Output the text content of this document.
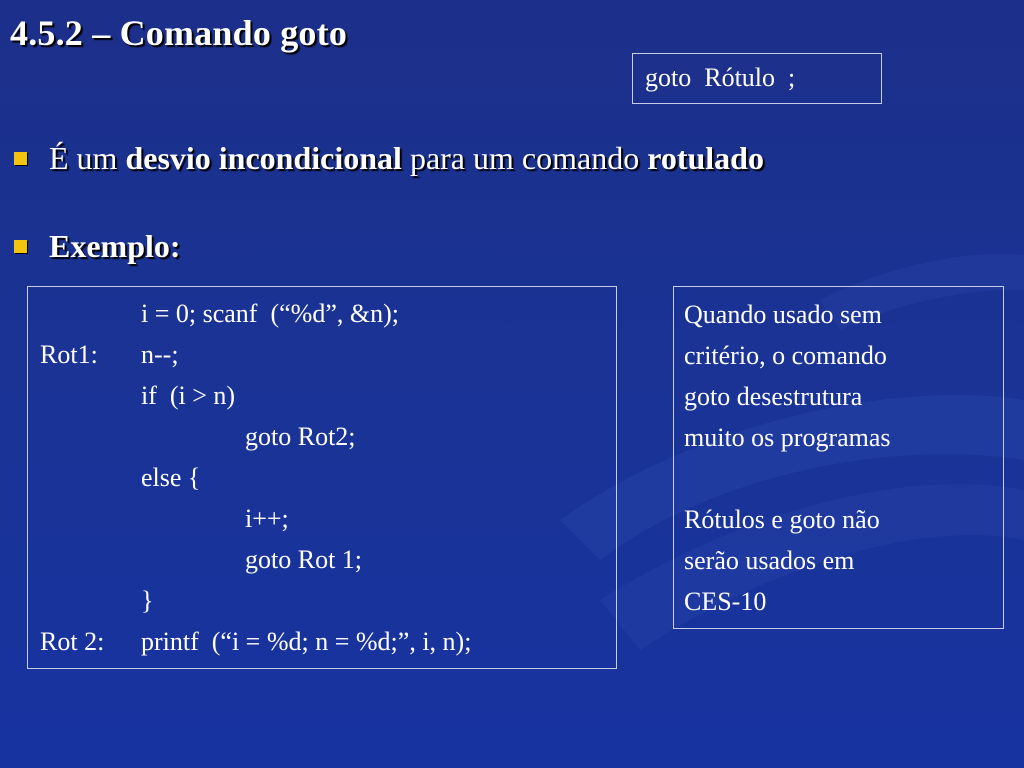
4.5.2 – Comando goto
goto  Rótulo  ;
É um desvio incondicional para um comando rotulado
Exemplo:
i = 0; scanf  (“%d”, &n);
Rot1: n--;
if  (i > n)
goto Rot2;
else {
i++;
goto Rot 1;
}
Rot 2: printf  (“i = %d; n = %d;”, i, n);
Quando usado sem
critério, o comando
goto desestrutura
muito os programas
Rótulos e goto não
serão usados em
CES-10
